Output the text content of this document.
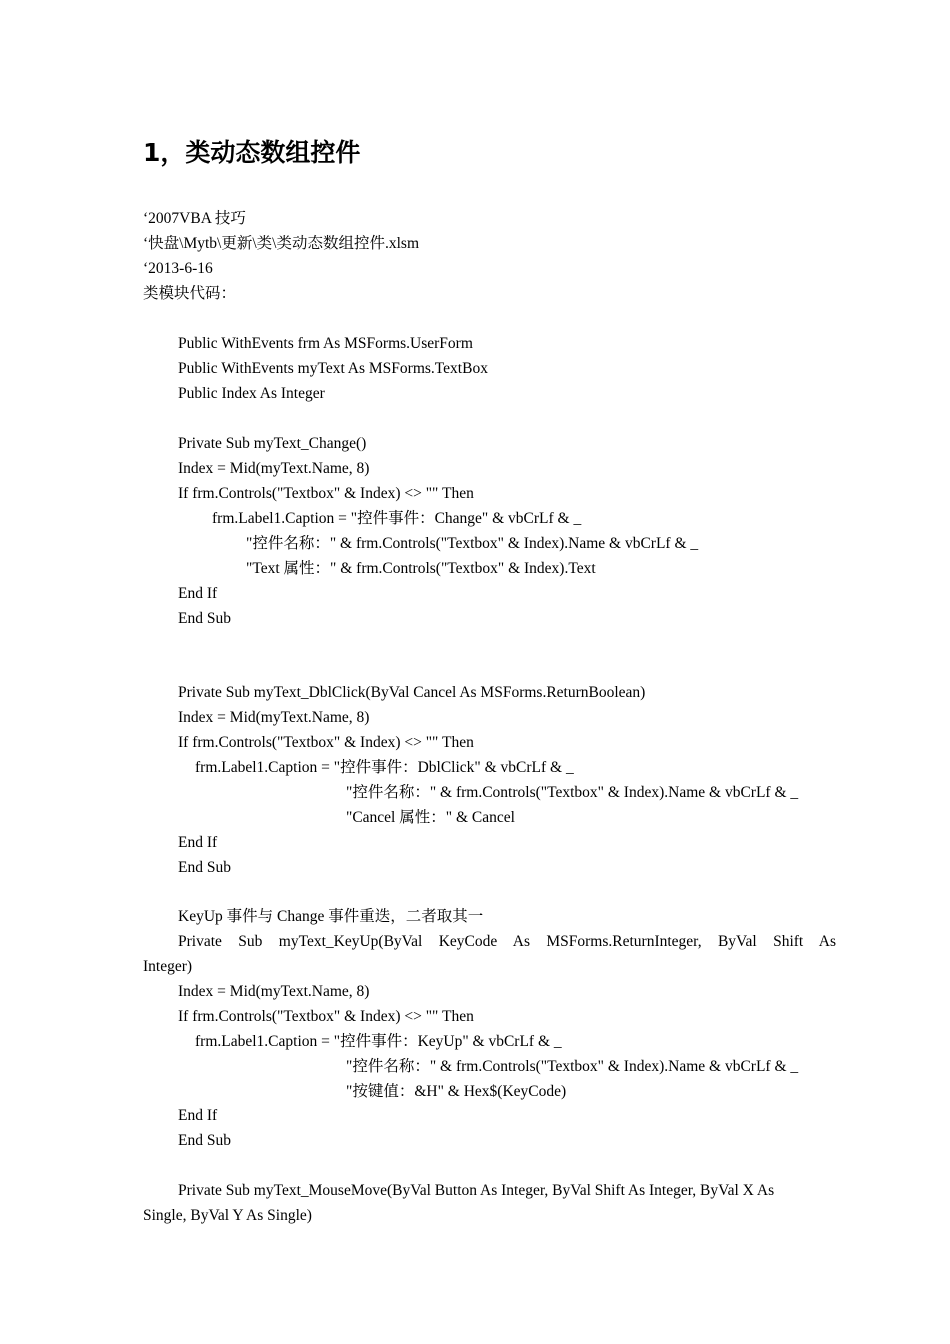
1，类动态数组控件

‘2007VBA 技巧

‘快盘\Mytb\更新\类\类动态数组控件.xlsm

‘2013-6-16

类模块代码：

Public WithEvents frm As MSForms.UserForm

Public WithEvents myText As MSForms.TextBox

Public Index As Integer

Private Sub myText_Change()

Index = Mid(myText.Name, 8)

If frm.Controls("Textbox" & Index) <> "" Then

frm.Label1.Caption = "控件事件：Change" & vbCrLf & _

"控件名称：" & frm.Controls("Textbox" & Index).Name & vbCrLf & _

"Text 属性：" & frm.Controls("Textbox" & Index).Text

End If

End Sub

Private Sub myText_DblClick(ByVal Cancel As MSForms.ReturnBoolean)

Index = Mid(myText.Name, 8)

If frm.Controls("Textbox" & Index) <> "" Then

frm.Label1.Caption = "控件事件：DblClick" & vbCrLf & _

"控件名称：" & frm.Controls("Textbox" & Index).Name & vbCrLf & _

"Cancel 属性：" & Cancel

End If

End Sub

KeyUp 事件与 Change 事件重迭，二者取其一

Private Sub myText_KeyUp(ByVal KeyCode As MSForms.ReturnInteger, ByVal Shift As

Integer)

Index = Mid(myText.Name, 8)

If frm.Controls("Textbox" & Index) <> "" Then

frm.Label1.Caption = "控件事件：KeyUp" & vbCrLf & _

"控件名称：" & frm.Controls("Textbox" & Index).Name & vbCrLf & _

"按键值：&H" & Hex$(KeyCode)

End If

End Sub

Private Sub myText_MouseMove(ByVal Button As Integer, ByVal Shift As Integer, ByVal X As

Single, ByVal Y As Single)
